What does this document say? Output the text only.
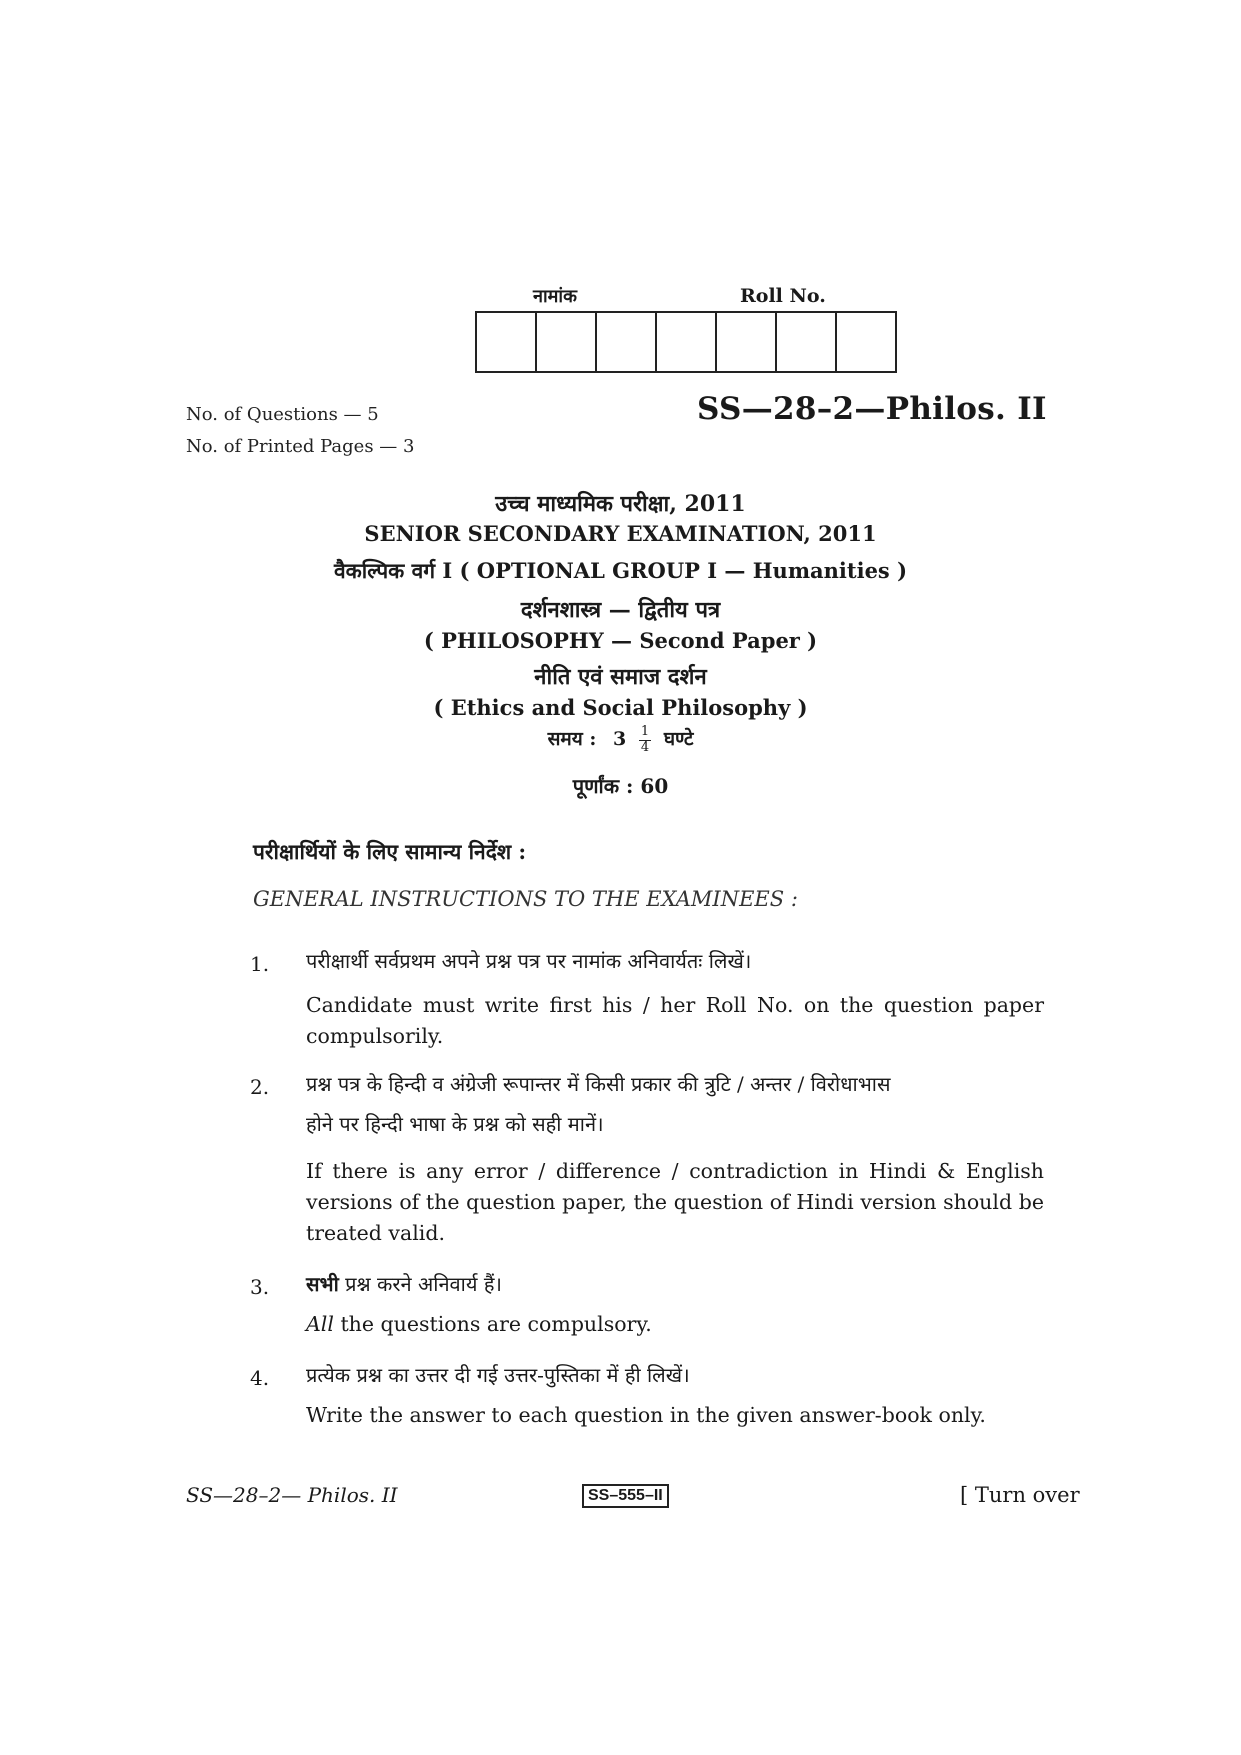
नामांक	Roll No.
No. of Questions — 5
No. of Printed Pages — 3
SS—28–2—Philos. II
उच्च माध्यमिक परीक्षा, 2011
SENIOR SECONDARY EXAMINATION, 2011
वैकल्पिक वर्ग I ( OPTIONAL GROUP I — Humanities )
दर्शनशास्त्र — द्वितीय पत्र
( PHILOSOPHY — Second Paper )
नीति एवं समाज दर्शन
( Ethics and Social Philosophy )
समय : $3 \frac{1}{4}$ घण्टे
पूर्णांक : 60
परीक्षार्थियों के लिए सामान्य निर्देश :
GENERAL INSTRUCTIONS TO THE EXAMINEES :
1. परीक्षार्थी सर्वप्रथम अपने प्रश्न पत्र पर नामांक अनिवार्यतः लिखें।
Candidate must write first his / her Roll No. on the question paper compulsorily.
2. प्रश्न पत्र के हिन्दी व अंग्रेजी रूपान्तर में किसी प्रकार की त्रुटि / अन्तर / विरोधाभास
होने पर हिन्दी भाषा के प्रश्न को सही मानें।
If there is any error / difference / contradiction in Hindi & English versions of the question paper, the question of Hindi version should be treated valid.
3. सभी प्रश्न करने अनिवार्य हैं।
All the questions are compulsory.
4. प्रत्येक प्रश्न का उत्तर दी गई उत्तर-पुस्तिका में ही लिखें।
Write the answer to each question in the given answer-book only.
SS—28–2— Philos. II	SS–555–II	[ Turn over
